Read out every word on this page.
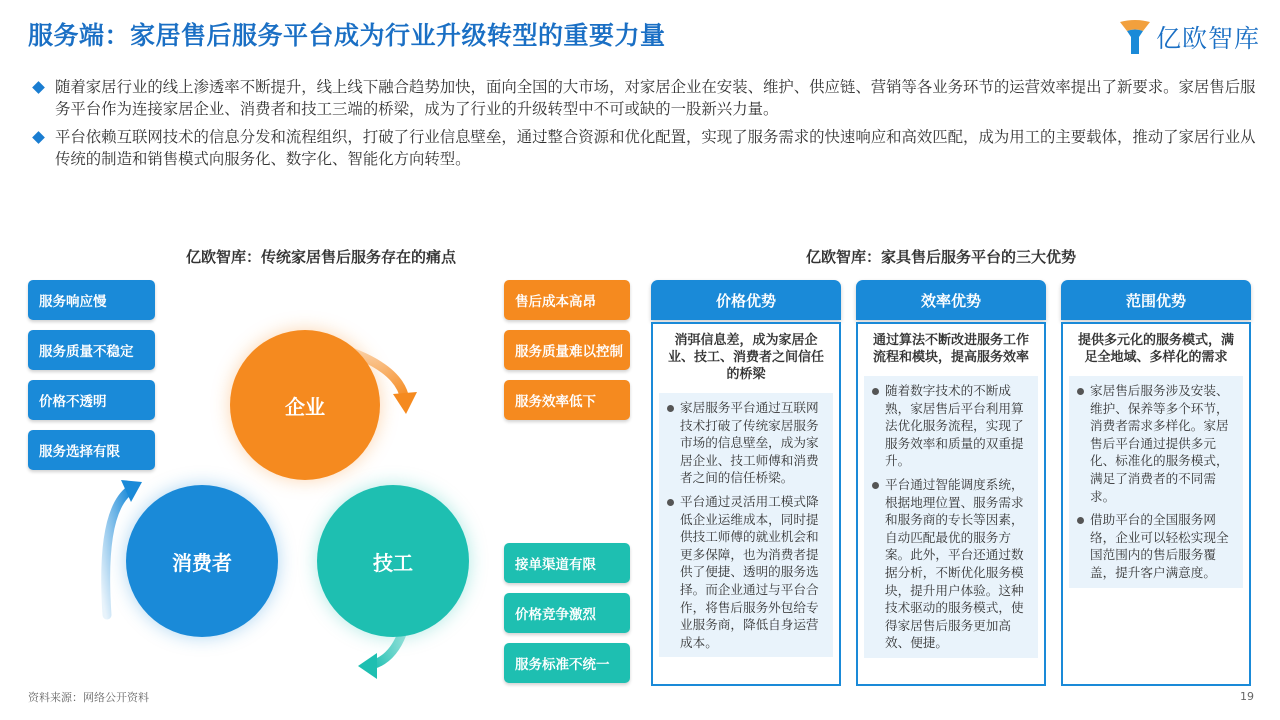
服务端：家居售后服务平台成为行业升级转型的重要力量	亿欧智库
随着家居行业的线上渗透率不断提升，线上线下融合趋势加快，面向全国的大市场，对家居企业在安装、维护、供应链、营销等各业务环节的运营效率提出了新要求。家居售后服务平台作为连接家居企业、消费者和技工三端的桥梁，成为了行业的升级转型中不可或缺的一股新兴力量。
平台依赖互联网技术的信息分发和流程组织，打破了行业信息壁垒，通过整合资源和优化配置，实现了服务需求的快速响应和高效匹配，成为用工的主要载体，推动了家居行业从传统的制造和销售模式向服务化、数字化、智能化方向转型。
亿欧智库：传统家居售后服务存在的痛点	亿欧智库：家具售后服务平台的三大优势
服务响应慢
服务质量不稳定
价格不透明
服务选择有限
售后成本高昂
服务质量难以控制
服务效率低下
接单渠道有限
价格竞争激烈
服务标准不统一
企业
消费者	技工
价格优势	效率优势	范围优势
消弭信息差，成为家居企业、技工、消费者之间信任的桥梁
家居服务平台通过互联网技术打破了传统家居服务市场的信息壁垒，成为家居企业、技工师傅和消费者之间的信任桥梁。
平台通过灵活用工模式降低企业运维成本，同时提供技工师傅的就业机会和更多保障，也为消费者提供了便捷、透明的服务选择。而企业通过与平台合作，将售后服务外包给专业服务商，降低自身运营成本。
通过算法不断改进服务工作流程和模块，提高服务效率
随着数字技术的不断成熟，家居售后平台利用算法优化服务流程，实现了服务效率和质量的双重提升。
平台通过智能调度系统，根据地理位置、服务需求和服务商的专长等因素，自动匹配最优的服务方案。此外，平台还通过数据分析，不断优化服务模块，提升用户体验。这种技术驱动的服务模式，使得家居售后服务更加高效、便捷。
提供多元化的服务模式，满足全地域、多样化的需求
家居售后服务涉及安装、维护、保养等多个环节，消费者需求多样化。家居售后平台通过提供多元化、标准化的服务模式，满足了消费者的不同需求。
借助平台的全国服务网络，企业可以轻松实现全国范围内的售后服务覆盖，提升客户满意度。
资料来源：网络公开资料	19
